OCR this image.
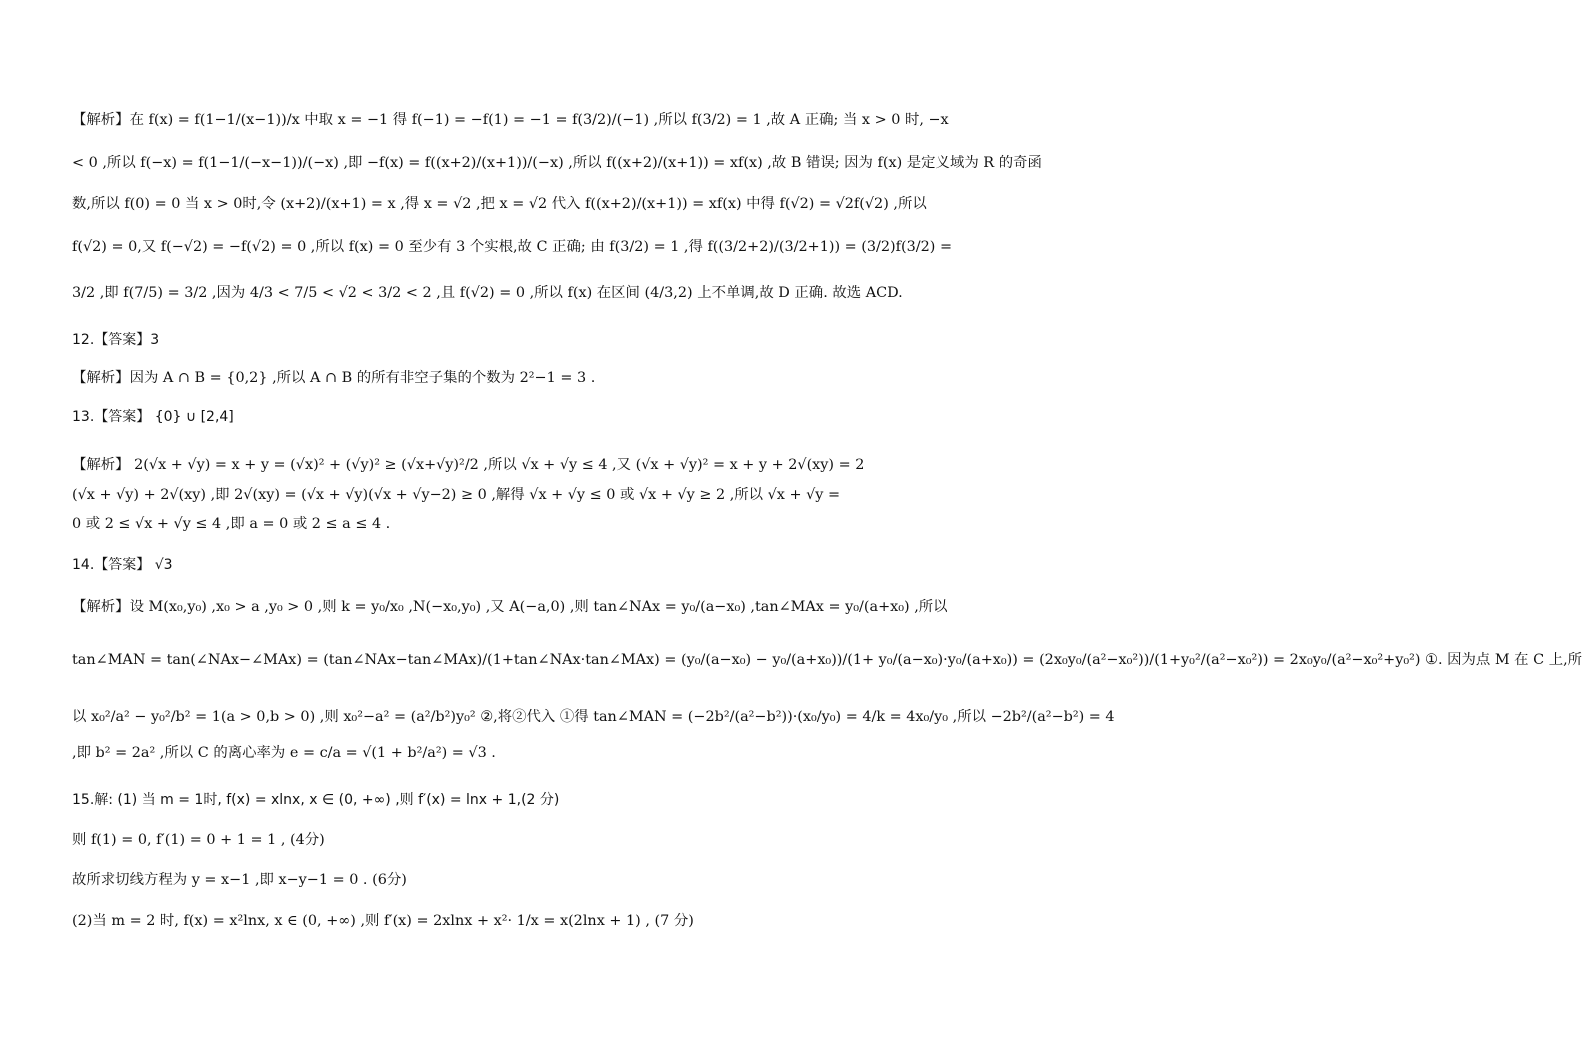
【解析】在 f(x) = f(1−1/(x−1))/x 中取 x = −1 得 f(−1) = −f(1) = −1 = f(3/2)/(−1) ,所以 f(3/2) = 1 ,故 A 正确; 当 x > 0 时, −x
< 0 ,所以 f(−x) = f(1−1/(−x−1))/(−x) ,即 −f(x) = f((x+2)/(x+1))/(−x) ,所以 f((x+2)/(x+1)) = xf(x) ,故 B 错误; 因为 f(x) 是定义域为 R 的奇函
数,所以 f(0) = 0 当 x > 0时,令 (x+2)/(x+1) = x ,得 x = √2 ,把 x = √2 代入 f((x+2)/(x+1)) = xf(x) 中得 f(√2) = √2f(√2) ,所以
f(√2) = 0,又 f(−√2) = −f(√2) = 0 ,所以 f(x) = 0 至少有 3 个实根,故 C 正确; 由 f(3/2) = 1 ,得 f((3/2+2)/(3/2+1)) = (3/2)f(3/2) =
3/2 ,即 f(7/5) = 3/2 ,因为 4/3 < 7/5 < √2 < 3/2 < 2 ,且 f(√2) = 0 ,所以 f(x) 在区间 (4/3,2) 上不单调,故 D 正确. 故选 ACD.
12.【答案】3
【解析】因为 A ∩ B = {0,2} ,所以 A ∩ B 的所有非空子集的个数为 2²−1 = 3 .
13.【答案】 {0} ∪ [2,4]
【解析】 2(√x + √y) = x + y = (√x)² + (√y)² ≥ (√x+√y)²/2 ,所以 √x + √y ≤ 4 ,又 (√x + √y)² = x + y + 2√(xy) = 2
(√x + √y) + 2√(xy) ,即 2√(xy) = (√x + √y)(√x + √y−2) ≥ 0 ,解得 √x + √y ≤ 0 或 √x + √y ≥ 2 ,所以 √x + √y =
0 或 2 ≤ √x + √y ≤ 4 ,即 a = 0 或 2 ≤ a ≤ 4 .
14.【答案】 √3
【解析】设 M(x₀,y₀) ,x₀ > a ,y₀ > 0 ,则 k = y₀/x₀ ,N(−x₀,y₀) ,又 A(−a,0) ,则 tan∠NAx = y₀/(a−x₀) ,tan∠MAx = y₀/(a+x₀) ,所以
tan∠MAN = tan(∠NAx−∠MAx) = (tan∠NAx−tan∠MAx)/(1+tan∠NAx·tan∠MAx) = (y₀/(a−x₀) − y₀/(a+x₀))/(1+ y₀/(a−x₀)·y₀/(a+x₀)) = (2x₀y₀/(a²−x₀²))/(1+y₀²/(a²−x₀²)) = 2x₀y₀/(a²−x₀²+y₀²) ①. 因为点 M 在 C 上,所
以 x₀²/a² − y₀²/b² = 1(a > 0,b > 0) ,则 x₀²−a² = (a²/b²)y₀² ②,将②代入 ①得 tan∠MAN = (−2b²/(a²−b²))·(x₀/y₀) = 4/k = 4x₀/y₀ ,所以 −2b²/(a²−b²) = 4
,即 b² = 2a² ,所以 C 的离心率为 e = c/a = √(1 + b²/a²) = √3 .
15.解: (1) 当 m = 1时, f(x) = xlnx, x ∈ (0, +∞) ,则 f′(x) = lnx + 1,(2 分)
则 f(1) = 0, f′(1) = 0 + 1 = 1 , (4分)
故所求切线方程为 y = x−1 ,即 x−y−1 = 0 . (6分)
(2)当 m = 2 时, f(x) = x²lnx, x ∈ (0, +∞) ,则 f′(x) = 2xlnx + x²· 1/x = x(2lnx + 1) , (7 分)
